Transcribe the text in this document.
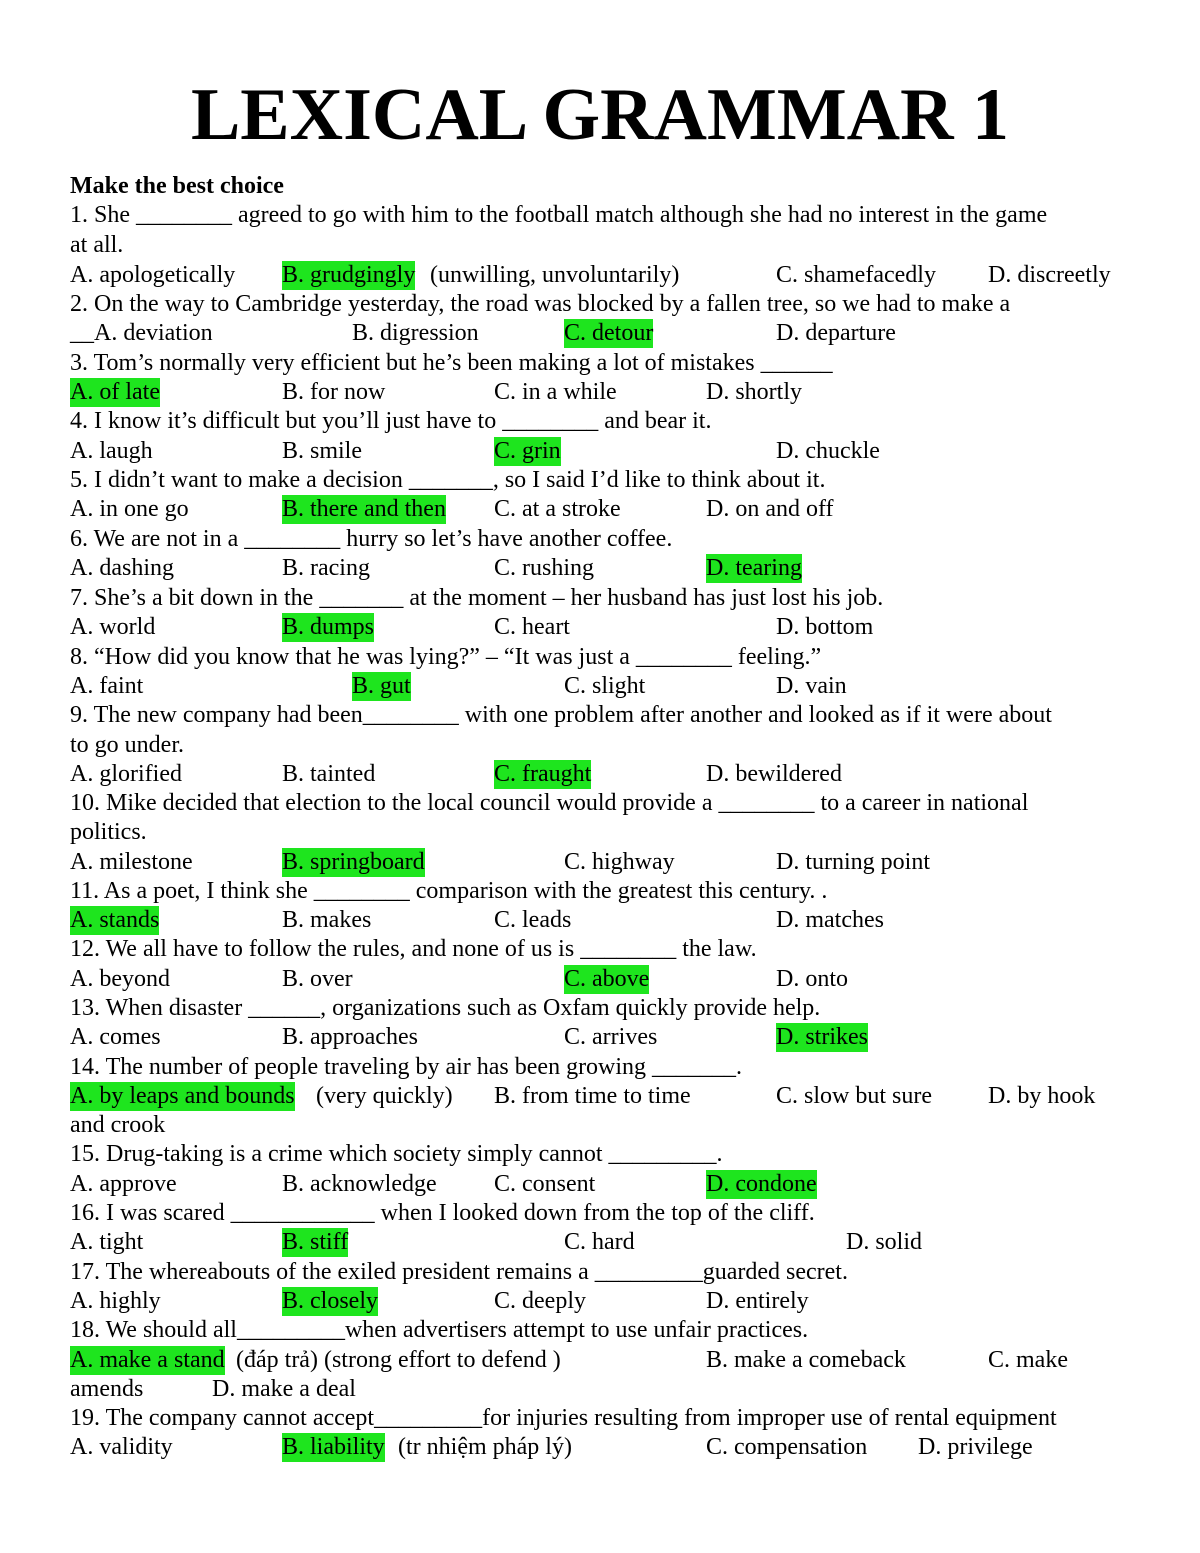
LEXICAL GRAMMAR 1
Make the best choice
1. She ________ agreed to go with him to the football match although she had no interest in the game
at all.
A. apologetically B. grudgingly (unwilling, unvoluntarily)	C. shamefacedly D. discreetly
2. On the way to Cambridge yesterday, the road was blocked by a fallen tree, so we had to make a
__A. deviation	B. digression	C. detour	D. departure
3. Tom’s normally very efficient but he’s been making a lot of mistakes ______
A. of late	B. for now	C. in a while	D. shortly
4. I know it’s difficult but you’ll just have to ________ and bear it.
A. laugh	B. smile	C. grin	D. chuckle
5. I didn’t want to make a decision _______, so I said I’d like to think about it.
A. in one go	B. there and then C. at a stroke	D. on and off
6. We are not in a ________ hurry so let’s have another coffee.
A. dashing	B. racing	C. rushing	D. tearing
7. She’s a bit down in the _______ at the moment – her husband has just lost his job.
A. world	B. dumps	C. heart	D. bottom
8. “How did you know that he was lying?” – “It was just a ________ feeling.”
A. faint	B. gut	C. slight	D. vain
9. The new company had been________ with one problem after another and looked as if it were about
to go under.
A. glorified	B. tainted	C. fraught	D. bewildered
10. Mike decided that election to the local council would provide a ________ to a career in national
politics.
A. milestone	B. springboard	C. highway	D. turning point
11. As a poet, I think she ________ comparison with the greatest this century. .
A. stands	B. makes	C. leads	D. matches
12. We all have to follow the rules, and none of us is ________ the law.
A. beyond	B. over	C. above	D. onto
13. When disaster ______, organizations such as Oxfam quickly provide help.
A. comes	B. approaches	C. arrives	D. strikes
14. The number of people traveling by air has been growing _______.
A. by leaps and bounds (very quickly) B. from time to time	C. slow but sure D. by hook
and crook
15. Drug-taking is a crime which society simply cannot _________.
A. approve	B. acknowledge C. consent	D. condone
16. I was scared ____________ when I looked down from the top of the cliff.
A. tight	B. stiff	C. hard	D. solid
17. The whereabouts of the exiled president remains a _________guarded secret.
A. highly	B. closely	C. deeply	D. entirely
18. We should all_________when advertisers attempt to use unfair practices.
A. make a stand (đáp trả) (strong effort to defend )	B. make a comeback	C. make
amends	D. make a deal
19. The company cannot accept_________for injuries resulting from improper use of rental equipment
A. validity	B. liability (tr nhiệm pháp lý)	C. compensation D. privilege
